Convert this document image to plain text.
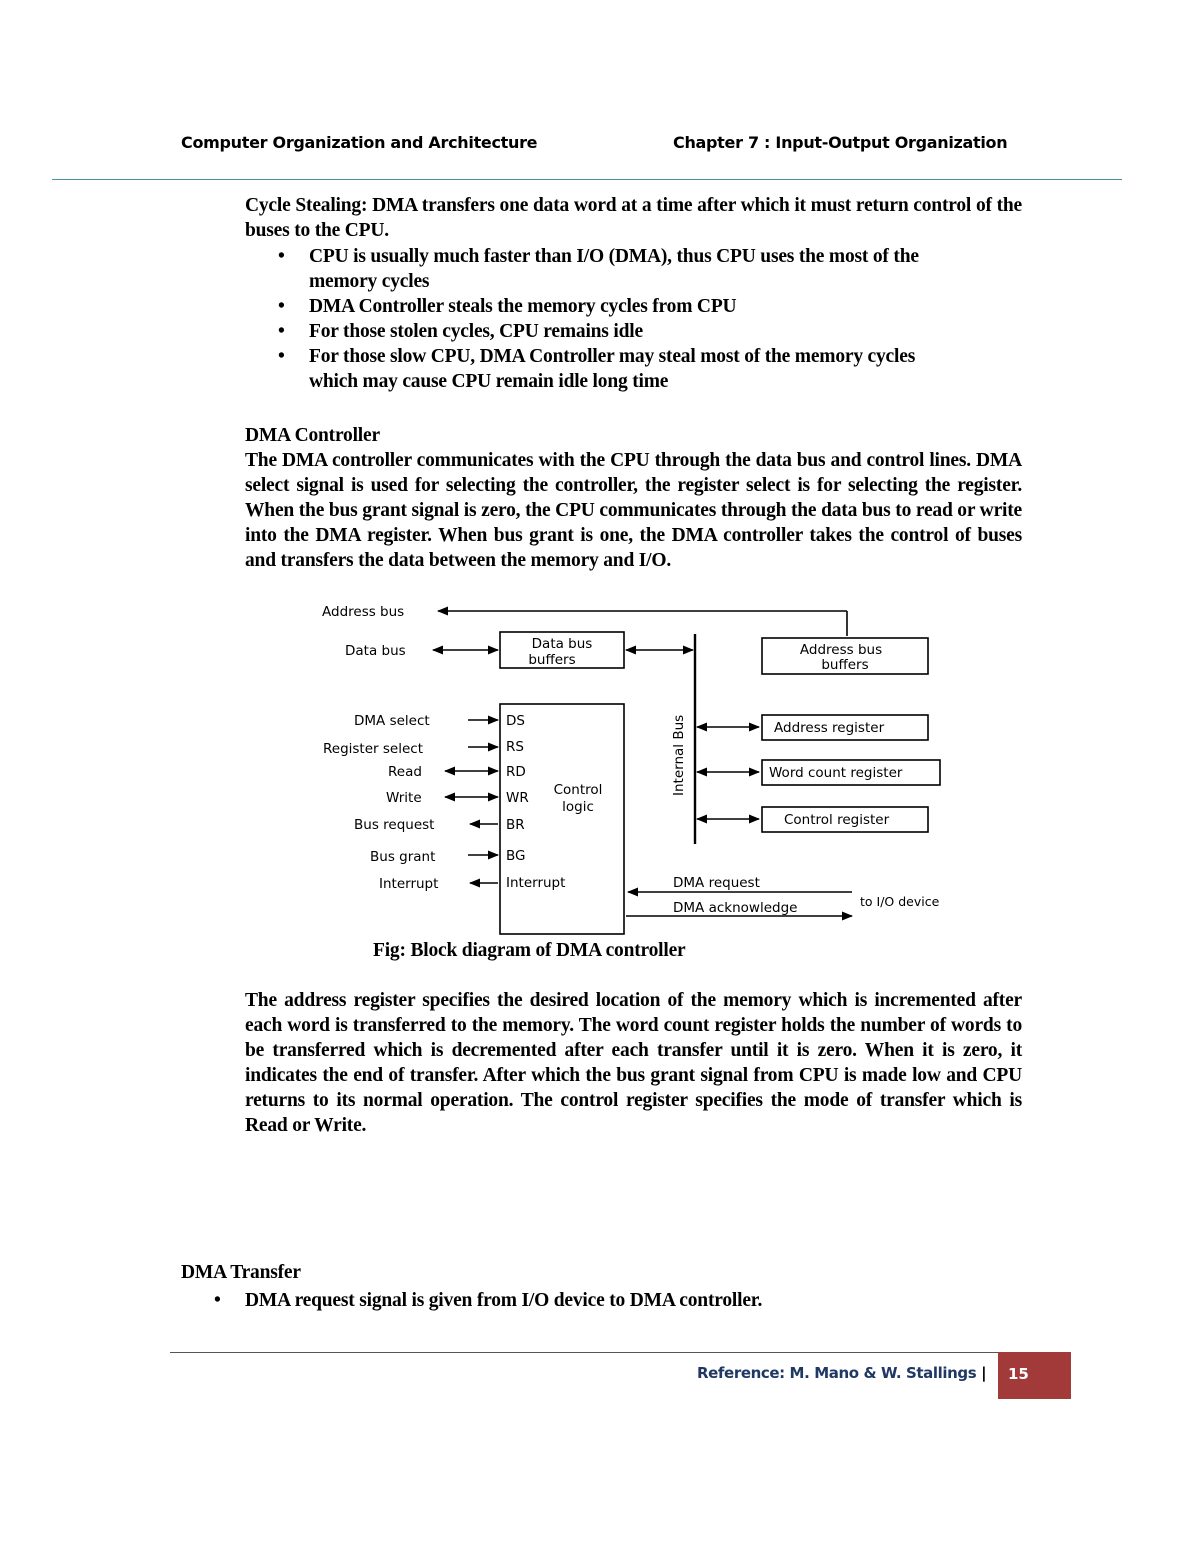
Computer Organization and Architecture	Chapter 7 : Input-Output Organization
Cycle Stealing: DMA transfers one data word at a time after which it must return control of the buses to the CPU.
• CPU is usually much faster than I/O (DMA), thus CPU uses the most of the memory cycles
• DMA Controller steals the memory cycles from CPU
• For those stolen cycles, CPU remains idle
• For those slow CPU, DMA Controller may steal most of the memory cycles which may cause CPU remain idle long time
DMA Controller
The DMA controller communicates with the CPU through the data bus and control lines. DMA select signal is used for selecting the controller, the register select is for selecting the register. When the bus grant signal is zero, the CPU communicates through the data bus to read or write into the DMA register. When bus grant is one, the DMA controller takes the control of buses and transfers the data between the memory and I/O.
Address bus
Data bus	Data bus
buffers
Address bus
buffers
Internal Bus
DMA select
Register select
Read
Write
Bus request
Bus grant
Interrupt
DS
RS
RD
WR
BR
BG
Interrupt
Control
logic
Address register
Word count register
Control register
DMA request
DMA acknowledge	to I/O device
Fig: Block diagram of DMA controller
The address register specifies the desired location of the memory which is incremented after each word is transferred to the memory. The word count register holds the number of words to be transferred which is decremented after each transfer until it is zero. When it is zero, it indicates the end of transfer. After which the bus grant signal from CPU is made low and CPU returns to its normal operation. The control register specifies the mode of transfer which is Read or Write.
DMA Transfer
• DMA request signal is given from I/O device to DMA controller.
Reference: M. Mano & W. Stallings |	15
